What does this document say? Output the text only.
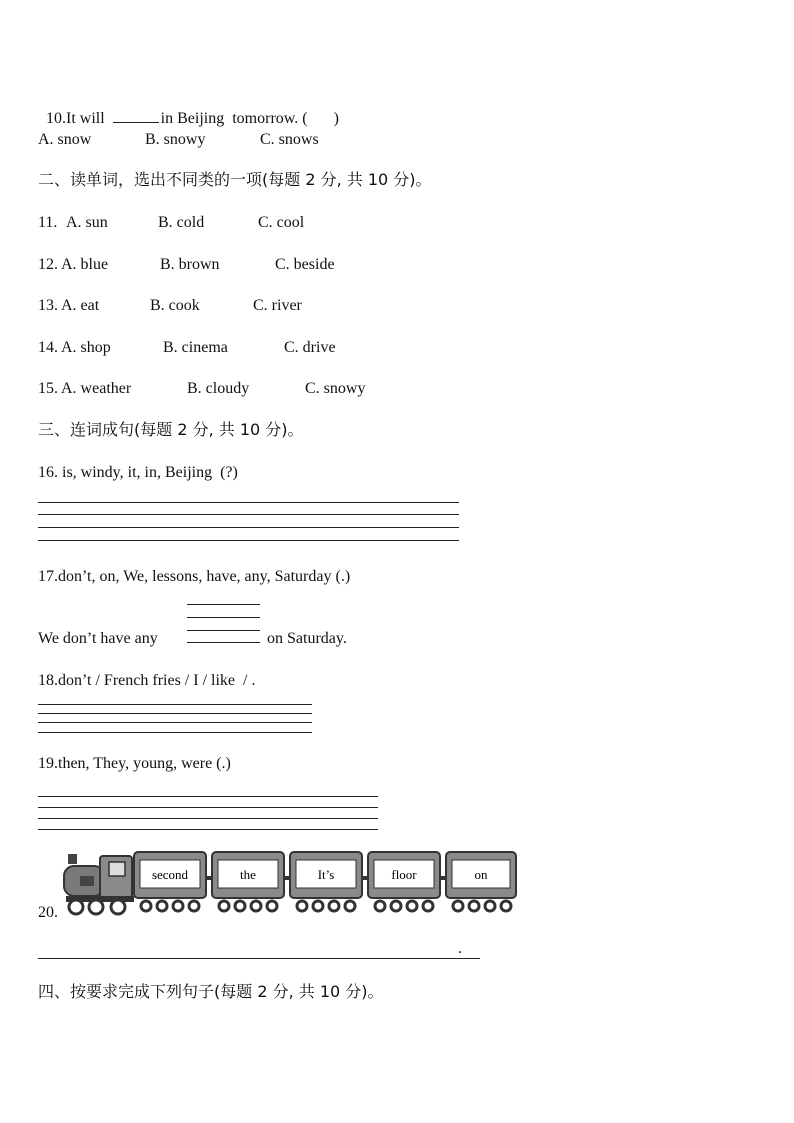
10.It will	in Beijing  tomorrow. ( )

A. snow	B. snowy	C. snows
二、读单词，选出不同类的一项(每题 2 分, 共 10 分)。
11. A. sun	B. cold	C. cool
12. A. blue	B. brown	C. beside
13. A. eat	B. cook	C. river
14. A. shop	B. cinema	C. drive
15. A. weather	B. cloudy	C. snowy
三、连词成句(每题 2 分, 共 10 分)。
16. is, windy, it, in, Beijing  (?)
17.don’t, on, We, lessons, have, any, Saturday (.)
We don’t have any	on Saturday.
18.don’t / French fries / I / like  / .
19.then, They, young, were (.)
20.
second	the	It’s	floor	on
.
四、按要求完成下列句子(每题 2 分, 共 10 分)。
